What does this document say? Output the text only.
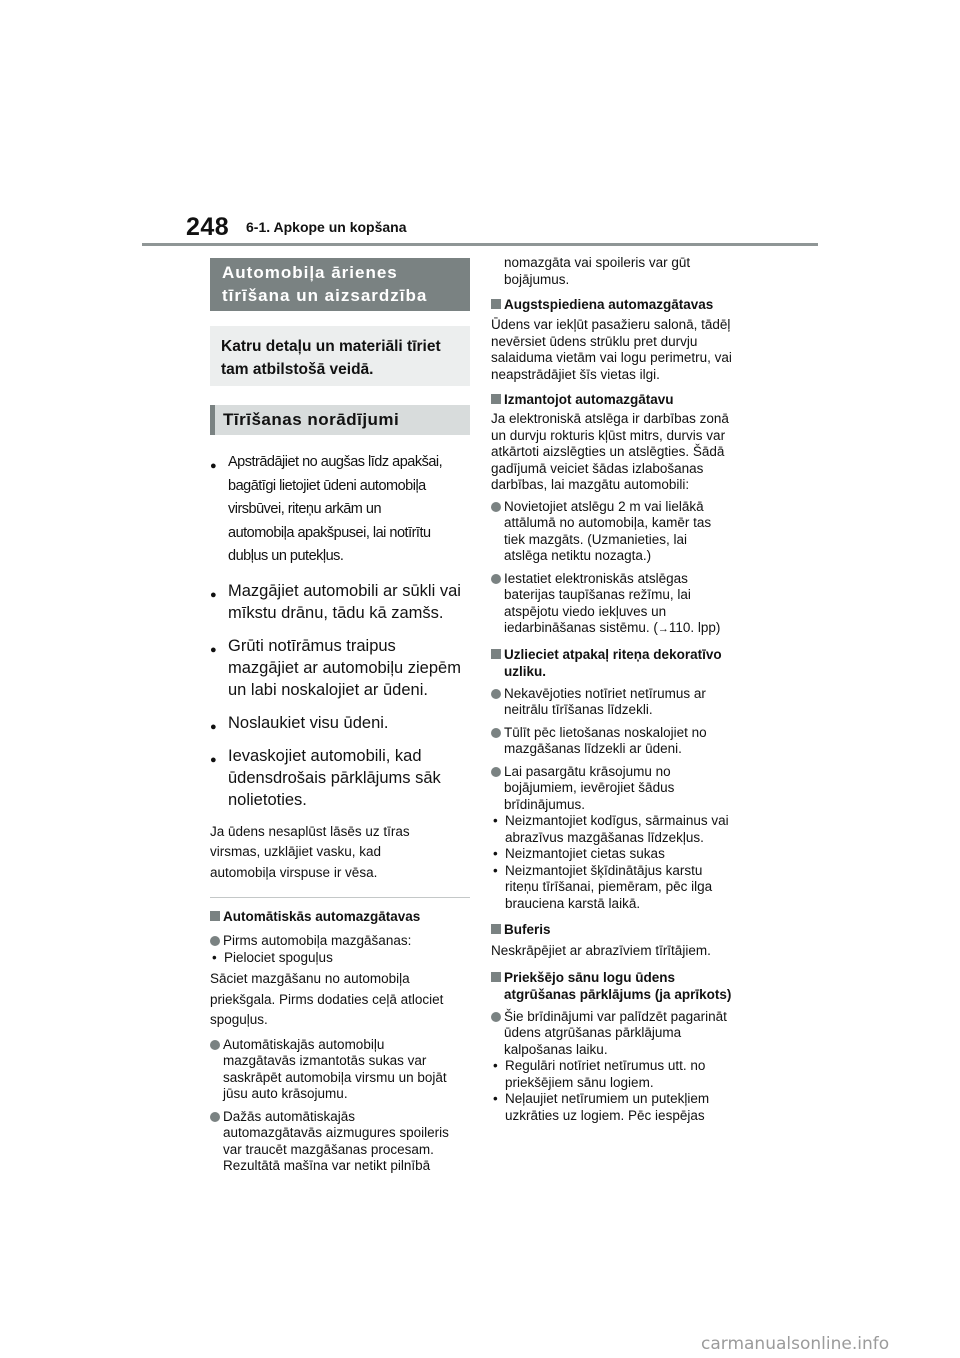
248 6-1. Apkope un kopšana
Automobiļa ārienes
tīrīšana un aizsardzība
Katru detaļu un materiāli tīriet
tam atbilstošā veidā.
Tīrīšanas norādījumi
● Apstrādājiet no augšas līdz apakšai,
bagātīgi lietojiet ūdeni automobiļa
virsbūvei, riteņu arkām un
automobiļa apakšpusei, lai notīrītu
dubļus un putekļus.
● Mazgājiet automobili ar sūkli vai
mīkstu drānu, tādu kā zamšs.
● Grūti notīrāmus traipus
mazgājiet ar automobiļu ziepēm
un labi noskalojiet ar ūdeni.
● Noslaukiet visu ūdeni.
● Ievaskojiet automobili, kad
ūdensdrošais pārklājums sāk
nolietoties.
Ja ūdens nesaplūst lāsēs uz tīras
virsmas, uzklājiet vasku, kad
automobiļa virspuse ir vēsa.
Automātiskās automazgātavas
Pirms automobiļa mazgāšanas:
• Pielociet spoguļus
Sāciet mazgāšanu no automobiļa
priekšgala. Pirms dodaties ceļā atlociet
spoguļus.
Automātiskajās automobiļu
mazgātavās izmantotās sukas var
saskrāpēt automobiļa virsmu un bojāt
jūsu auto krāsojumu.
Dažās automātiskajās
automazgātavās aizmugures spoileris
var traucēt mazgāšanas procesam.
Rezultātā mašīna var netikt pilnībā
nomazgāta vai spoileris var gūt
bojājumus.
Augstspiediena automazgātavas
Ūdens var iekļūt pasažieru salonā, tādēļ
nevērsiet ūdens strūklu pret durvju
salaiduma vietām vai logu perimetru, vai
neapstrādājiet šīs vietas ilgi.
Izmantojot automazgātavu
Ja elektroniskā atslēga ir darbības zonā
un durvju rokturis kļūst mitrs, durvis var
atkārtoti aizslēgties un atslēgties. Šādā
gadījumā veiciet šādas izlabošanas
darbības, lai mazgātu automobili:
Novietojiet atslēgu 2 m vai lielākā
attālumā no automobiļa, kamēr tas
tiek mazgāts. (Uzmanieties, lai
atslēga netiktu nozagta.)
Iestatiet elektroniskās atslēgas
baterijas taupīšanas režīmu, lai
atspējotu viedo iekļuves un
iedarbināšanas sistēmu. (→110. lpp)
Uzlieciet atpakaļ riteņa dekoratīvo
uzliku.
Nekavējoties notīriet netīrumus ar
neitrālu tīrīšanas līdzekli.
Tūlīt pēc lietošanas noskalojiet no
mazgāšanas līdzekli ar ūdeni.
Lai pasargātu krāsojumu no
bojājumiem, ievērojiet šādus
brīdinājumus.
• Neizmantojiet kodīgus, sārmainus vai
abrazīvus mazgāšanas līdzekļus.
• Neizmantojiet cietas sukas
• Neizmantojiet šķīdinātājus karstu
riteņu tīrīšanai, piemēram, pēc ilga
brauciena karstā laikā.
Buferis
Neskrāpējiet ar abrazīviem tīrītājiem.
Priekšējo sānu logu ūdens
atgrūšanas pārklājums (ja aprīkots)
Šie brīdinājumi var palīdzēt pagarināt
ūdens atgrūšanas pārklājuma
kalpošanas laiku.
• Regulāri notīriet netīrumus utt. no
priekšējiem sānu logiem.
• Neļaujiet netīrumiem un putekļiem
uzkrāties uz logiem. Pēc iespējas
carmanualsonline.info
